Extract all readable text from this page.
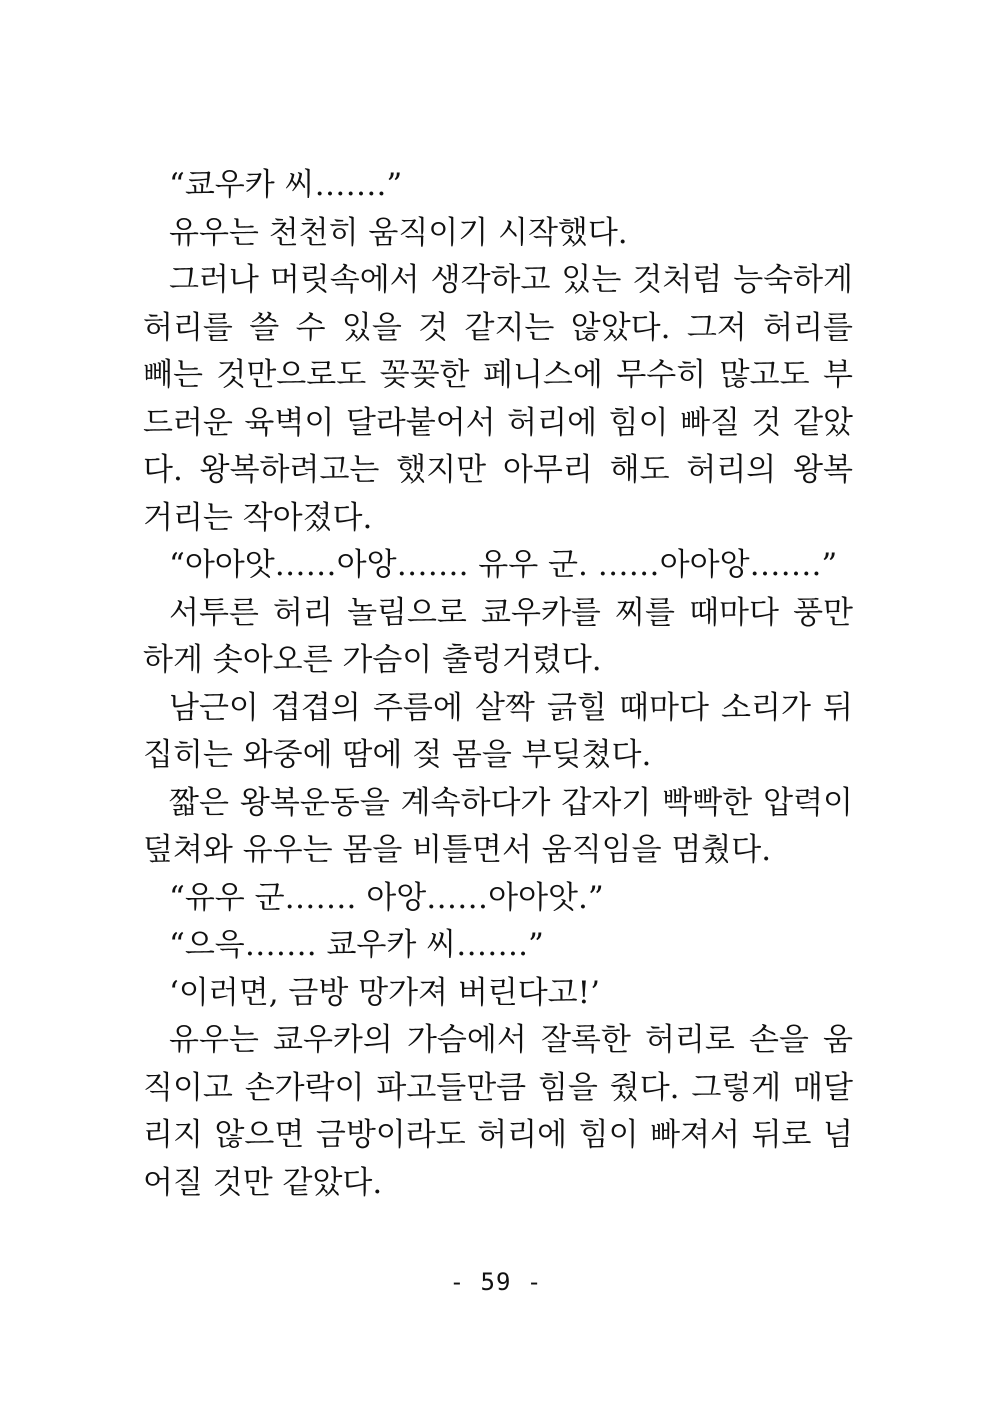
“쿄우카 씨…….”
유우는 천천히 움직이기 시작했다.
그러나 머릿속에서 생각하고 있는 것처럼 능숙하게
허리를 쓸 수 있을 것 같지는 않았다. 그저 허리를
빼는 것만으로도 꽂꽂한 페니스에 무수히 많고도 부
드러운 육벽이 달라붙어서 허리에 힘이 빠질 것 같았
다. 왕복하려고는 했지만 아무리 해도 허리의 왕복
거리는 작아졌다.
“아아앗……아앙……. 유우 군. ……아아앙…….”
서투른 허리 놀림으로 쿄우카를 찌를 때마다 풍만
하게 솟아오른 가슴이 출렁거렸다.
남근이 겹겹의 주름에 살짝 긁힐 때마다 소리가 뒤
집히는 와중에 땀에 젖 몸을 부딪쳤다.
짧은 왕복운동을 계속하다가 갑자기 빡빡한 압력이
덮쳐와 유우는 몸을 비틀면서 움직임을 멈췄다.
“유우 군……. 아앙……아아앗.”
“으윽……. 쿄우카 씨…….”
‘이러면, 금방 망가져 버린다고!’
유우는 쿄우카의 가슴에서 잘록한 허리로 손을 움
직이고 손가락이 파고들만큼 힘을 줬다. 그렇게 매달
리지 않으면 금방이라도 허리에 힘이 빠져서 뒤로 넘
어질 것만 같았다.
- 59 -
